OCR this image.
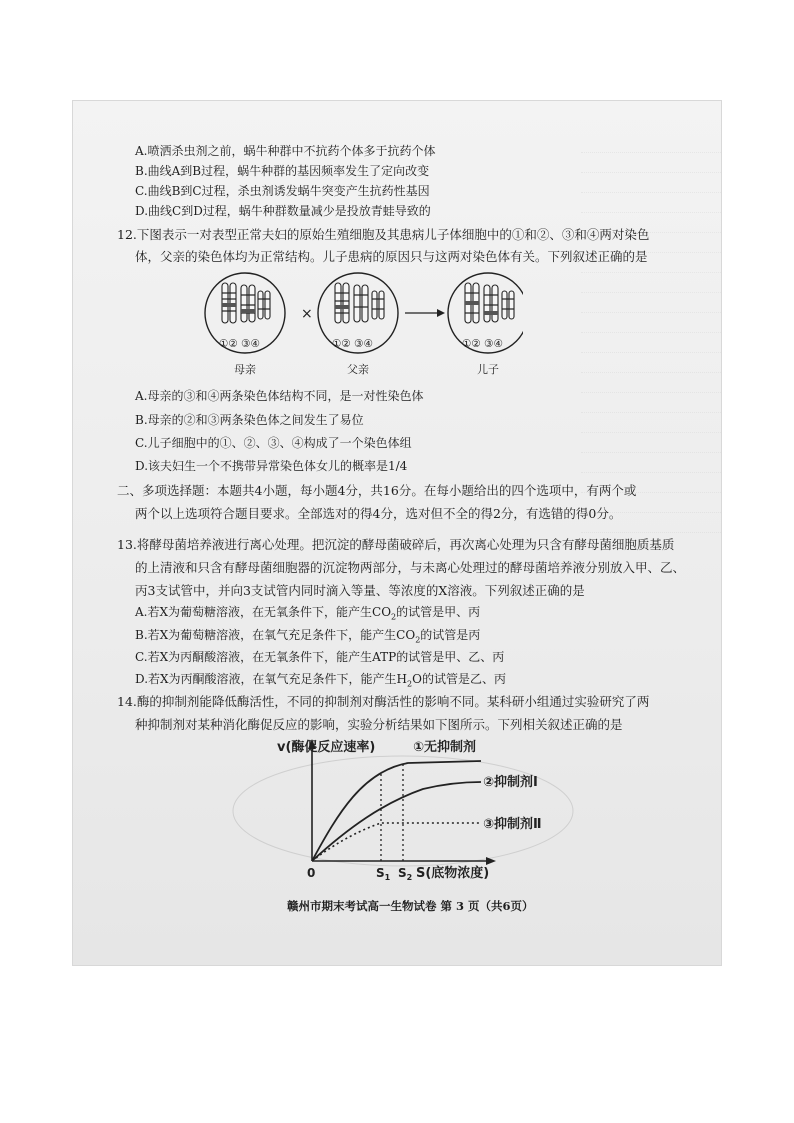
A.喷洒杀虫剂之前，蜗牛种群中不抗药个体多于抗药个体
B.曲线A到B过程，蜗牛种群的基因频率发生了定向改变
C.曲线B到C过程，杀虫剂诱发蜗牛突变产生抗药性基因
D.曲线C到D过程，蜗牛种群数量减少是投放青蛙导致的
12.下图表示一对表型正常夫妇的原始生殖细胞及其患病儿子体细胞中的①和②、③和④两对染色
体，父亲的染色体均为正常结构。儿子患病的原因只与这两对染色体有关。下列叙述正确的是
×
①② ③④	①② ③④	①② ③④
母亲	父亲	儿子
A.母亲的③和④两条染色体结构不同，是一对性染色体
B.母亲的②和③两条染色体之间发生了易位
C.儿子细胞中的①、②、③、④构成了一个染色体组
D.该夫妇生一个不携带异常染色体女儿的概率是1/4
二、多项选择题：本题共4小题，每小题4分，共16分。在每小题给出的四个选项中，有两个或
两个以上选项符合题目要求。全部选对的得4分，选对但不全的得2分，有选错的得0分。
13.将酵母菌培养液进行离心处理。把沉淀的酵母菌破碎后，再次离心处理为只含有酵母菌细胞质基质
的上清液和只含有酵母菌细胞器的沉淀物两部分，与未离心处理过的酵母菌培养液分别放入甲、乙、
丙3支试管中，并向3支试管内同时滴入等量、等浓度的X溶液。下列叙述正确的是
A.若X为葡萄糖溶液，在无氧条件下，能产生$CO_2$的试管是甲、丙
B.若X为葡萄糖溶液，在氧气充足条件下，能产生$CO_2$的试管是丙
C.若X为丙酮酸溶液，在无氧条件下，能产生ATP的试管是甲、乙、丙
D.若X为丙酮酸溶液，在氧气充足条件下，能产生$H_2O$的试管是乙、丙
14.酶的抑制剂能降低酶活性，不同的抑制剂对酶活性的影响不同。某科研小组通过实验研究了两
种抑制剂对某种消化酶促反应的影响，实验分析结果如下图所示。下列相关叙述正确的是
v(酶促反应速率)
0
①无抑制剂
②抑制剂Ⅰ
③抑制剂Ⅱ
$S_1$ $S_2$ S(底物浓度)
赣州市期末考试高一生物试卷 第 3 页（共6页）
